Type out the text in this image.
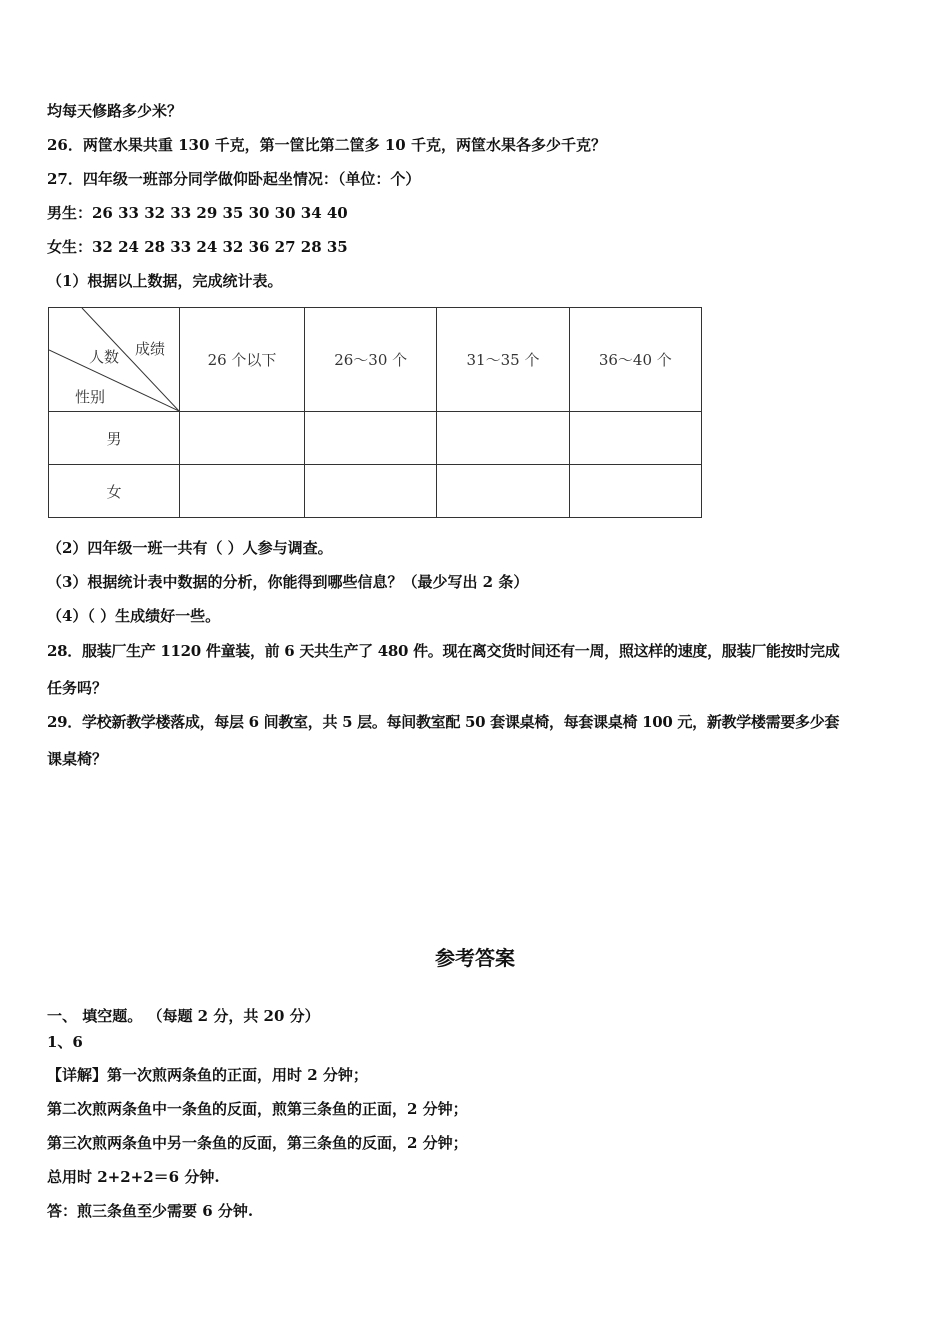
均每天修路多少米？
26．两筐水果共重 130 千克，第一筐比第二筐多 10 千克，两筐水果各多少千克？
27．四年级一班部分同学做仰卧起坐情况：（单位：个）
男生：26 33 32 33 29 35 30 30 34 40
女生：32 24 28 33 24 32 36 27 28 35
（1）根据以上数据，完成统计表。
成绩
人数
性别	26 个以下	26～30 个	31～35 个	36～40 个
男				
女				
（2）四年级一班一共有（ ）人参与调查。
（3）根据统计表中数据的分析，你能得到哪些信息？（最少写出 2 条）
（4）（ ）生成绩好一些。
28．服装厂生产 1120 件童装，前 6 天共生产了 480 件。现在离交货时间还有一周，照这样的速度，服装厂能按时完成
任务吗？
29．学校新教学楼落成，每层 6 间教室，共 5 层。每间教室配 50 套课桌椅，每套课桌椅 100 元，新教学楼需要多少套
课桌椅？
参考答案
一、 填空题。 （每题 2 分，共 20 分）
1、6
【详解】第一次煎两条鱼的正面，用时 2 分钟；
第二次煎两条鱼中一条鱼的反面，煎第三条鱼的正面，2 分钟；
第三次煎两条鱼中另一条鱼的反面，第三条鱼的反面，2 分钟；
总用时 2+2+2＝6 分钟.
答：煎三条鱼至少需要 6 分钟.
